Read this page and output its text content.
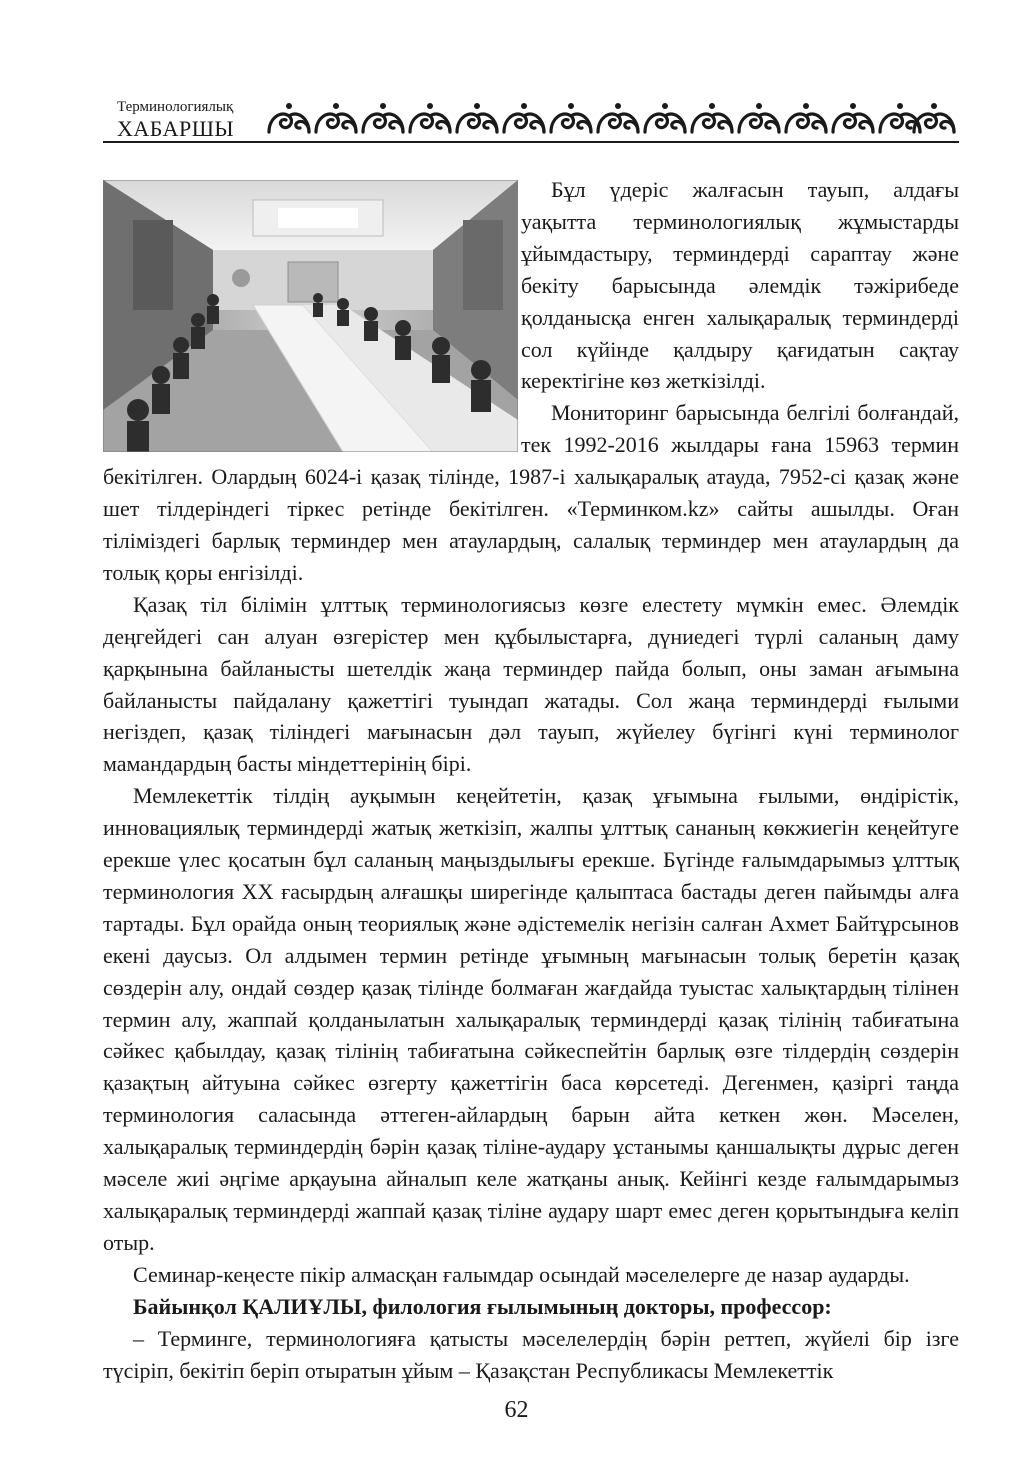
Терминологиялық
ХАБАРШЫ

Бұл үдеріс жалғасын тауып, алдағы уақытта терминологиялық жұмыстарды ұйымдастыру, терминдерді сараптау және бекіту барысында әлемдік тәжірибеде қолданысқа енген халықаралық терминдерді сол күйінде қалдыру қағидатын сақтау керектігіне көз жеткізілді.

Мониторинг барысында белгілі болғандай, тек 1992-2016 жылдары ғана 15963 термин бекітілген. Олардың 6024-і қазақ тілінде, 1987-і халықаралық атауда, 7952-сі қазақ және шет тілдеріндегі тіркес ретінде бекітілген. «Терминком.kz» сайты ашылды. Оған тіліміздегі барлық терминдер мен атаулардың, салалық терминдер мен атаулардың да толық қоры енгізілді.

Қазақ тіл білімін ұлттық терминологиясыз көзге елестету мүмкін емес. Әлемдік деңгейдегі сан алуан өзгерістер мен құбылыстарға, дүниедегі түрлі саланың даму қарқынына байланысты шетелдік жаңа терминдер пайда болып, оны заман ағымына байланысты пайдалану қажеттігі туындап жатады. Сол жаңа терминдерді ғылыми негіздеп, қазақ тіліндегі мағынасын дәл тауып, жүйелеу бүгінгі күні терминолог мамандардың басты міндеттерінің бірі.

Мемлекеттік тілдің ауқымын кеңейтетін, қазақ ұғымына ғылыми, өндірістік, инновациялық терминдерді жатық жеткізіп, жалпы ұлттық сананың көкжиегін кеңейтуге ерекше үлес қосатын бұл саланың маңыздылығы ерекше. Бүгінде ғалымдарымыз ұлттық терминология ХХ ғасырдың алғашқы ширегінде қалыптаса бастады деген пайымды алға тартады. Бұл орайда оның теориялық және әдістемелік негізін салған Ахмет Байтұрсынов екені даусыз. Ол алдымен термин ретінде ұғымның мағынасын толық беретін қазақ сөздерін алу, ондай сөздер қазақ тілінде болмаған жағдайда туыстас халықтардың тілінен термин алу, жаппай қолданылатын халықаралық терминдерді қазақ тілінің табиғатына сәйкес қабылдау, қазақ тілінің табиғатына сәйкеспейтін барлық өзге тілдердің сөздерін қазақтың айтуына сәйкес өзгерту қажеттігін баса көрсетеді. Дегенмен, қазіргі таңда терминология саласында әттеген-айлардың барын айта кеткен жөн. Мәселен, халықаралық терминдердің бәрін қазақ тіліне-аудару ұстанымы қаншалықты дұрыс деген мәселе жиі әңгіме арқауына айналып келе жатқаны анық. Кейінгі кезде ғалымдарымыз халықаралық терминдерді жаппай қазақ тіліне аудару шарт емес деген қорытындыға келіп отыр.

Семинар-кеңесте пікір алмасқан ғалымдар осындай мәселелерге де назар аударды.

Байынқол ҚАЛИҰЛЫ, филология ғылымының докторы, профессор:

– Терминге, терминологияға қатысты мәселелердің бәрін реттеп, жүйелі бір ізге түсіріп, бекітіп беріп отыратын ұйым – Қазақстан Республикасы Мемлекеттік

62
